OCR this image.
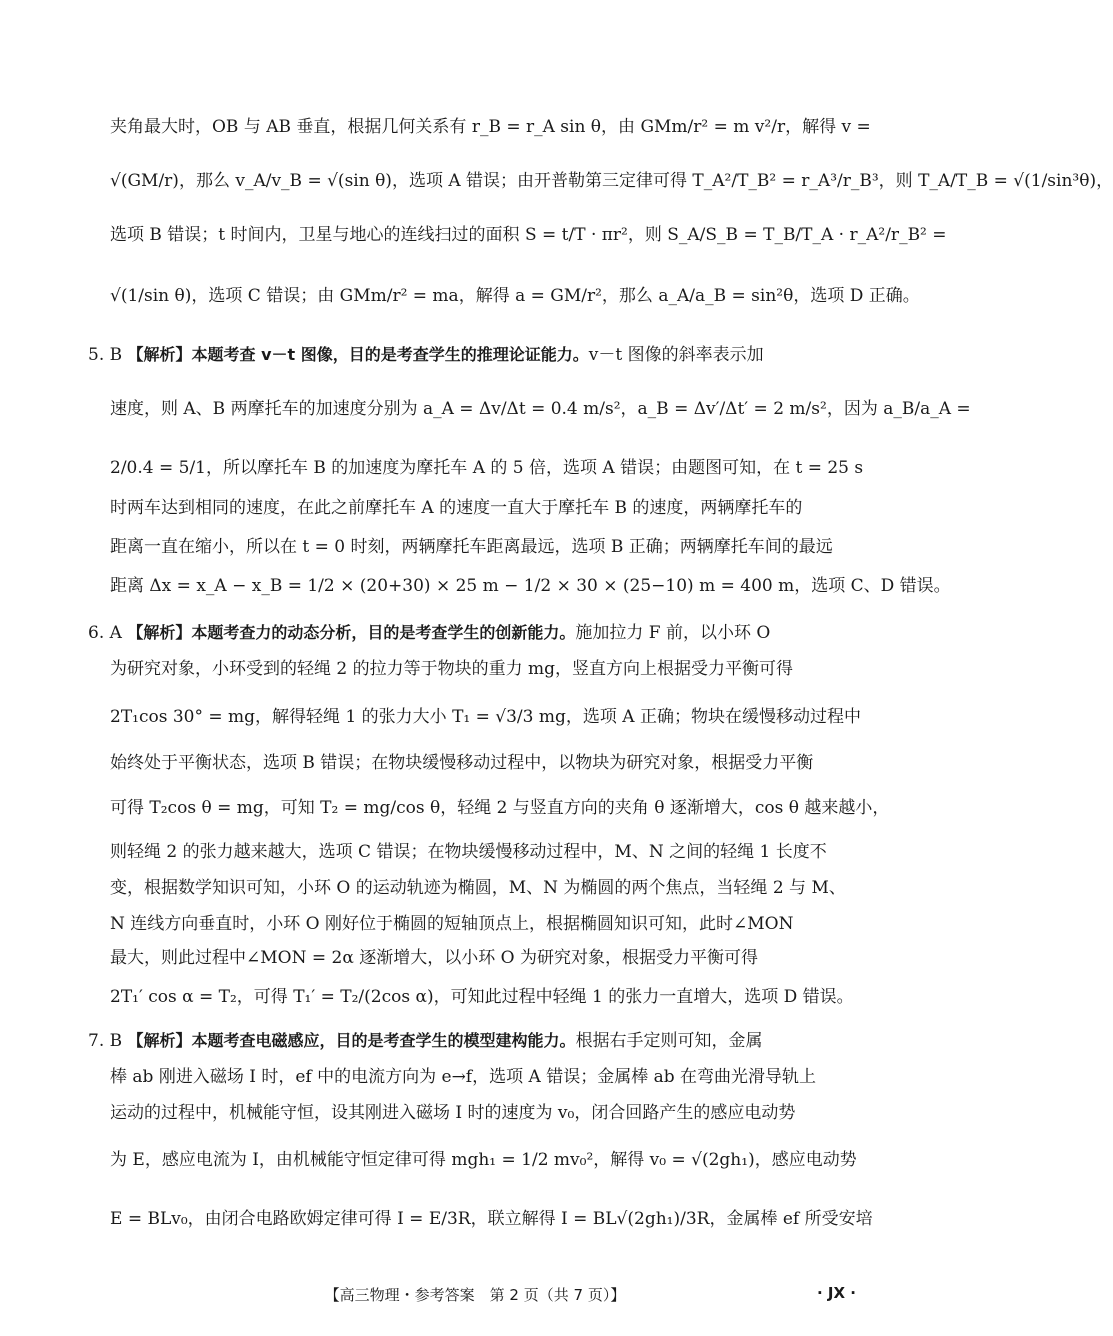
夹角最大时，OB 与 AB 垂直，根据几何关系有 r_B = r_A sin θ，由 GMm/r² = m v²/r，解得 v =
√(GM/r)，那么 v_A/v_B = √(sin θ)，选项 A 错误；由开普勒第三定律可得 T_A²/T_B² = r_A³/r_B³，则 T_A/T_B = √(1/sin³θ)，
选项 B 错误；t 时间内，卫星与地心的连线扫过的面积 S = t/T · πr²，则 S_A/S_B = T_B/T_A · r_A²/r_B² =
√(1/sin θ)，选项 C 错误；由 GMm/r² = ma，解得 a = GM/r²，那么 a_A/a_B = sin²θ，选项 D 正确。
5. B 【解析】本题考查 v－t 图像，目的是考查学生的推理论证能力。v－t 图像的斜率表示加
速度，则 A、B 两摩托车的加速度分别为 a_A = Δv/Δt = 0.4 m/s²，a_B = Δv′/Δt′ = 2 m/s²，因为 a_B/a_A =
2/0.4 = 5/1，所以摩托车 B 的加速度为摩托车 A 的 5 倍，选项 A 错误；由题图可知，在 t = 25 s
时两车达到相同的速度，在此之前摩托车 A 的速度一直大于摩托车 B 的速度，两辆摩托车的
距离一直在缩小，所以在 t = 0 时刻，两辆摩托车距离最远，选项 B 正确；两辆摩托车间的最远
距离 Δx = x_A − x_B = 1/2 × (20+30) × 25 m − 1/2 × 30 × (25−10) m = 400 m，选项 C、D 错误。
6. A 【解析】本题考查力的动态分析，目的是考查学生的创新能力。施加拉力 F 前，以小环 O
为研究对象，小环受到的轻绳 2 的拉力等于物块的重力 mg，竖直方向上根据受力平衡可得
2T₁cos 30° = mg，解得轻绳 1 的张力大小 T₁ = √3/3 mg，选项 A 正确；物块在缓慢移动过程中
始终处于平衡状态，选项 B 错误；在物块缓慢移动过程中，以物块为研究对象，根据受力平衡
可得 T₂cos θ = mg，可知 T₂ = mg/cos θ，轻绳 2 与竖直方向的夹角 θ 逐渐增大，cos θ 越来越小，
则轻绳 2 的张力越来越大，选项 C 错误；在物块缓慢移动过程中，M、N 之间的轻绳 1 长度不
变，根据数学知识可知，小环 O 的运动轨迹为椭圆，M、N 为椭圆的两个焦点，当轻绳 2 与 M、
N 连线方向垂直时，小环 O 刚好位于椭圆的短轴顶点上，根据椭圆知识可知，此时∠MON
最大，则此过程中∠MON = 2α 逐渐增大，以小环 O 为研究对象，根据受力平衡可得
2T₁′ cos α = T₂，可得 T₁′ = T₂/(2cos α)，可知此过程中轻绳 1 的张力一直增大，选项 D 错误。
7. B 【解析】本题考查电磁感应，目的是考查学生的模型建构能力。根据右手定则可知，金属
棒 ab 刚进入磁场 Ⅰ 时，ef 中的电流方向为 e→f，选项 A 错误；金属棒 ab 在弯曲光滑导轨上
运动的过程中，机械能守恒，设其刚进入磁场 Ⅰ 时的速度为 v₀，闭合回路产生的感应电动势
为 E，感应电流为 I，由机械能守恒定律可得 mgh₁ = 1/2 mv₀²，解得 v₀ = √(2gh₁)，感应电动势
E = BLv₀，由闭合电路欧姆定律可得 I = E/3R，联立解得 I = BL√(2gh₁)/3R，金属棒 ef 所受安培
【高三物理・参考答案　第 2 页（共 7 页）】	· JX ·
